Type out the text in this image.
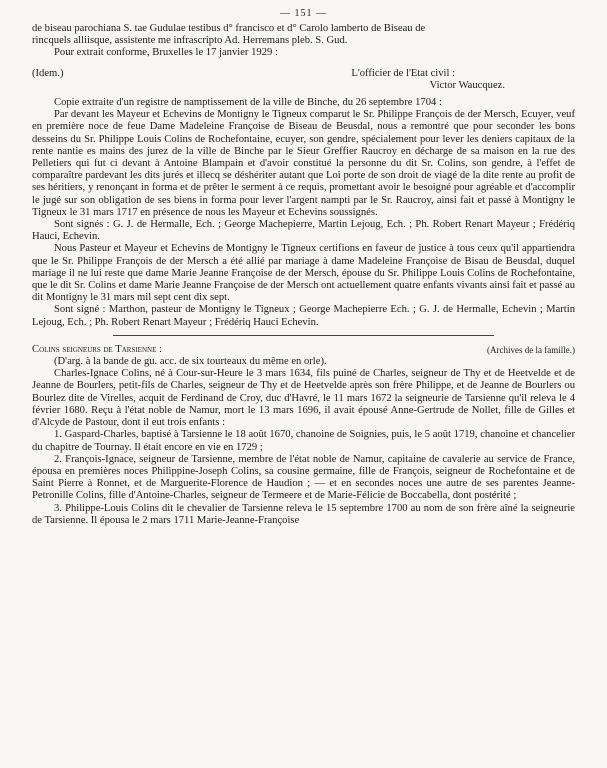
— 151 —

de biseau parochiana S. tae Gudulae testibus d° francisco et d° Carolo lamberto de Biseau de

rincquels alliisque, assistente me infrascripto Ad. Herremans pleb. S. Gud.

Pour extrait conforme, Bruxelles le 17 janvier 1929 :

(Idem.)	L'officier de l'Etat civil :

Victor Waucquez.

Copie extraite d'un registre de namptissement de la ville de Binche, du 26 septembre 1704 :

Par devant les Mayeur et Echevins de Montigny le Tigneux comparut le Sr. Philippe François de der Mersch, Ecuyer, veuf en première noce de feue Dame Madeleine Françoise de Biseau de Beusdal, nous a remontré que pour seconder les bons desseins du Sr. Philippe Louis Colins de Rochefontaine, ecuyer, son gendre, spécialement pour lever les deniers capitaux de la rente nantie es mains des jurez de la ville de Binche par le Sieur Greffier Raucroy en décharge de sa maison en la rue des Pelletiers qui fut ci devant à Antoine Blampain et d'avoir constitué la personne du dit Sr. Colins, son gendre, à l'effet de comparaître pardevant les dits jurés et illecq se déshériter autant que Loi porte de son droit de viagé de la dite rente au profit de ses héritiers, y renonçant in forma et de prêter le serment à ce requis, promettant avoir le besoigné pour agréable et d'accomplir le jugé sur son obligation de ses biens in forma pour lever l'argent nampti par le Sr. Raucroy, ainsi fait et passé à Montigny le Tigneux le 31 mars 1717 en présence de nous les Mayeur et Echevins soussignés.

Sont signés : G. J. de Hermalle, Ech. ; George Machepierre, Martin Lejoug, Ech. ; Ph. Robert Renart Mayeur ; Frédériq Hauci, Echevin.

Nous Pasteur et Mayeur et Echevins de Montigny le Tigneux certifions en faveur de justice à tous ceux qu'il appartiendra que le Sr. Philippe François de der Mersch a été allié par mariage à dame Madeleine Françoise de Bisau de Beusdal, duquel mariage il ne lui reste que dame Marie Jeanne Françoise de der Mersch, épouse du Sr. Philippe Louis Colins de Rochefontaine, que le dit Sr. Colins et dame Marie Jeanne Françoise de der Mersch ont actuellement quatre enfants vivants ainsi fait et passé au dit Montigny le 31 mars mil sept cent dix sept.

Sont signé : Marthon, pasteur de Montigny le Tigneux ; George Machepierre Ech. ; G. J. de Hermalle, Echevin ; Martin Lejoug, Ech. ; Ph. Robert Renart Mayeur ; Frédériq Hauci Echevin.

Colins seigneurs de Tarsienne :	(Archives de la famille.)

(D'arg. à la bande de gu. acc. de six tourteaux du même en orle).

Charles-Ignace Colins, né à Cour-sur-Heure le 3 mars 1634, fils puiné de Charles, seigneur de Thy et de Heetvelde et de Jeanne de Bourlers, petit-fils de Charles, seigneur de Thy et de Heetvelde après son frère Philippe, et de Jeanne de Bourlers ou Bourlez dite de Virelles, acquit de Ferdinand de Croy, duc d'Havré, le 11 mars 1672 la seigneurie de Tarsienne qu'il releva le 4 février 1680. Reçu à l'état noble de Namur, mort le 13 mars 1696, il avait épousé Anne-Gertrude de Nollet, fille de Gilles et d'Alcyde de Pastour, dont il eut trois enfants :

1. Gaspard-Charles, baptisé à Tarsienne le 18 août 1670, chanoine de Soignies, puis, le 5 août 1719, chanoine et chancelier du chapitre de Tournay. Il était encore en vie en 1729 ;
2. François-Ignace, seigneur de Tarsienne, membre de l'état noble de Namur, capitaine de cavalerie au service de France, épousa en premières noces Philippine-Joseph Colins, sa cousine germaine, fille de François, seigneur de Rochefontaine et de Saint Pierre à Ronnet, et de Marguerite-Florence de Haudion ; — et en secondes noces une autre de ses parentes Jeanne-Petronille Colins, fille d'Antoine-Charles, seigneur de Termeere et de Marie-Félicie de Boccabella, dont postérité ;
3. Philippe-Louis Colins dit le chevalier de Tarsienne releva le 15 septembre 1700 au nom de son frère aîné la seigneurie de Tarsienne. Il épousa le 2 mars 1711 Marie-Jeanne-Françoise
